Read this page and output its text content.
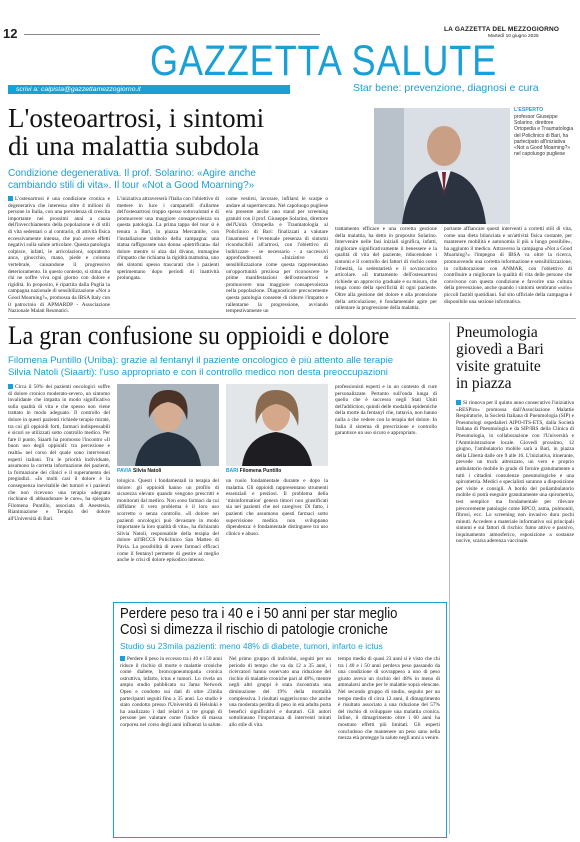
12	LA GAZZETTA DEL MEZZOGIORNO
Martedì 10 giugno 2025
GAZZETTA SALUTE
scrivi a: calpista@gazzettamezzogiorno.it	Star bene: prevenzione, diagnosi e cura
L'osteoartrosi, i sintomi
di una malattia subdola
Condizione degenerativa. Il prof. Solarino: «Agire anche
cambiando stili di vita». Il tour «Not a Good Moarning?»
L'ESPERTO
professor Giuseppe Solarino, direttore Ortopedia e Traumatologia del Policlinico di Bari, ha partecipato all'iniziativa «Not a Good Moarning?» nel capoluogo pugliese
L'osteoartrosi è una condizione cronica e degenerativa che interessa oltre 4 milioni di persone in Italia, con una prevalenza di crescita importante nei prossimi anni a causa dell'invecchiamento della popolazione e di stili di vita sedentari o al contrario, di attività fisica eccessivamente intensa, che può avere effetti negativi sulla salute articolare. Questa patologia colpisce, infatti, le articolazioni, soprattutto anca, ginocchio, mano, piede e colonna vertebrale, causandone il progressivo deterioramento. In questo contesto, si stima che chi ne soffre viva ogni giorno con dolore e rigidità. In proposito, è ripartita dalla Puglia la campagna nazionale di sensibilizzazione «Not a Good Moarning?», promossa da IBSA Italy con il patrocinio di APMARDP - Associazione Nazionale Malati Reumatici.
L'iniziativa attraverserà l'Italia con l'obiettivo di mettere in luce i campanelli d'allarme dell'osteoartrosi troppo spesso sottovalutati e di promuovere una maggiore consapevolezza su questa patologia. La prima tappa del tour si è tenuta a Bari, in piazza Mercantile, con l'installazione simbolo della campagna: una statua raffigurante una donna «pietrificata» dal dolore mentre si alza dal divano, immagine d'impatto che richiama la rigidità mattutina, uno dei sintomi spesso trascurati che i pazienti sperimentano dopo periodi di inattività prolungata.
come vestirsi, lavorare, infilarsi le scarpe o andare al supermercato. Nel capoluogo pugliese era presente anche uno stand per screening gratuiti con il prof. Giuseppe Solarino, direttore dell'Unità Ortopedia e Traumatologia al Policlinico di Bari: finalizzati a valutare l'anamnesi e l'eventuale presenza di sintomi riconducibili all'artrosi, con l'obiettivo di indirizzare - se necessario - a successivi approfondimenti. «Iniziative di sensibilizzazione come questa rappresentano un'opportunità preziosa per riconoscere le prime manifestazioni dell'osteoartrosi e promuovere una maggiore consapevolezza nella popolazione. Diagnosticare precocemente questa patologia consente di ridurre l'impatto e rallentarne la progressione, avviando tempestivamente un
trattamento efficace e una corretta gestione della malattia, ha detto in proposito Solarino. Intervenire nelle fasi iniziali significa, infatti, migliorare significativamente il benessere e la qualità di vita del paziente, riducendone i sintomi e il controllo dei fattori di rischio come l'obesità, la sedentarietà e il sovraccarico articolare. «Il trattamento dell'osteoartrosi richiede un approccio graduale e su misura, che tenga conto della specificità di ogni paziente. Oltre alla gestione del dolore e alla protezione della articolazione, è fondamentale agire per rallentare la progressione della malattia.
portante affiancare questi interventi a corretti stili di vita, come una dieta bilanciata e un'attività fisica costante, per mantenere mobilità e autonomia il più a lungo possibile», ha aggiunto il medico. Attraverso la campagna «Not a Good Moarning?» l'impegno di IBSA va oltre la ricerca, promuovendo una corretta informazione e sensibilizzazione, in collaborazione con ANMAR, con l'obiettivo di contribuire a migliorare la qualità di vita delle persone che convivono con questa condizione e favorire una cultura della prevenzione, anche quando i sintomi sembrano «solo» piccoli fastidi quotidiani. Sul sito ufficiale della campagna è disponibile una sezione informativa.
La gran confusione su oppioidi e dolore
Filomena Puntillo (Uniba): grazie al fentanyl il paziente oncologico è più attento alle terapie
Silvia Natoli (Siaarti): l'uso appropriato e con il controllo medico non desta preoccupazioni
Circa il 50% dei pazienti oncologici soffre di dolore cronico moderato-severo, un sintomo invalidante che impatta in modo significativo sulla qualità di vita e che spesso non viene trattato in modo adeguato. Il controllo del dolore in questi pazienti richiede terapie mirate, tra cui gli oppioidi forti, farmaci indispensabili e sicuri se utilizzati sotto controllo medico. Per fare il punto, Siaarti ha promosso l'incontro «Il buon uso degli oppioidi: tra percezione e realtà» nel corso del quale sono intervenuti esperti italiani. Tra le priorità individuate, assumono la corretta informazione dei pazienti, la formazione dei clinici e il superamento dei pregiudizi. «In molti casi il dolore è la conseguenza inevitabile dei tumori e i pazienti che non ricevono una terapia adeguata rischiano di abbandonare le cure», ha spiegato Filomena Puntillo, associata di Anestesia, Rianimazione e Terapia del dolore all'Università di Bari.
PAVIA Silvia Natoli	BARI Filomena Puntillo
tologico. Questi i fondamentali in terapia del dolore: gli oppioidi hanno un profilo di sicurezza elevato quando vengono prescritti e monitorati dal medico. Non sono farmaci da cui diffidare: il vero problema è il loro uso scorretto o senza controllo. «Il dolore nei pazienti oncologici può devastare in modo importante la loro qualità di vita», ha dichiarato Silvia Natoli, responsabile della terapia del dolore all'IRCCS Policlinico San Matteo di Pavia. La possibilità di avere farmaci efficaci come il fentanyl permette di gestire al meglio anche le crisi di dolore episodico intenso.
un ruolo fondamentale durante e dopo la malattia. Gli oppioidi rappresentano strumenti essenziali e preziosi. Il problema della ‘misinformation' genera timori non giustificati sia nei pazienti che nei caregiver. Di fatto, i pazienti che assumono questi farmaci sotto supervisione medica non sviluppano dipendenza: è fondamentale distinguere tra uso clinico e abuso.
professionisti esperti e in un contesto di cure personalizzate. Pertanto sull'onda lunga di quello che è successo negli Stati Uniti dell'addiction, quindi delle modalità epidemiche della morte da fentanyl che, tuttavia, non hanno nulla a che vedere con la terapia del dolore. In Italia il sistema di prescrizione e controllo garantisce un uso sicuro e appropriato.
Pneumologia
giovedì a Bari
visite gratuite
in piazza
Si rinnova per il quinto anno consecutivo l'iniziativa «RESPiro» promossa dall'Associazione Malattie Respiratorie, la Società Italiana di Pneumologia (SIP) e Pneumologi ospedalieri AIPO-ITS-ETS, dalla Società Italiana di Pneumologia e da SIP/IRS della Clinica di Pneumologia, in collaborazione con l'Università e l'Amministrazione locale. Giovedì prossimo, 12 giugno, l'ambulatorio mobile sarà a Bari, in piazza della Libertà dalle ore 9 alle 16. L'iniziativa, itinerante, prevede un truck attrezzato, un vero e proprio ambulatorio mobile in grado di fornire gratuitamente a tutti i cittadini consulenze pneumologiche e una spirometria. Medici e specialisti saranno a disposizione per visite e consigli. A bordo del poliambulatorio mobile si potrà eseguire gratuitamente una spirometria, test semplice ma fondamentale per rilevare precocemente patologie come BPCO, asma, polmoniti, fibrosi, ecc. Lo screening non invasivo dura pochi minuti. Accedere a materiale informativo sui principali sintomi e sui fattori di rischio: fumo attivo e passivo, inquinamento atmosferico, esposizione a sostanze nocive, scarsa aderenza vaccinale.
Perdere peso tra i 40 e i 50 anni per star meglio
Così si dimezza il rischio di patologie croniche
Studio su 23mila pazienti: meno 48% di diabete, tumori, infarto e ictus
Perdere il peso in eccesso tra i 40 e i 50 anni riduce il rischio di morte e malattie croniche come diabete, broncopneumopatia cronica ostruttiva, infarto, ictus e tumori. Lo rivela un ampio studio pubblicato su Jama Network Open e condotto sui dati di oltre 23mila partecipanti seguiti fino a 35 anni. Lo studio è stato condotto presso l'Università di Helsinki e ha analizzato i dati relativi a tre gruppi di persone per valutare come l'indice di massa corporea nel corso degli anni influenzi la salute.
Nel primo gruppo di individui, seguiti per un periodo di tempo che va da 12 a 35 anni, i ricercatori hanno osservato una riduzione del rischio di malattie croniche pari al 48%, mentre negli altri gruppi è stata riscontrata una diminuzione del 19% della mortalità complessiva. I risultati suggeriscono che anche una moderata perdita di peso in età adulta porta benefici significativi e duraturi. Gli autori sottolineano l'importanza di interventi mirati allo stile di vita.
tempo medio di quasi 23 anni si è visto che chi tra i 40 e i 50 anni perdeva peso passando da una condizione di sovrappeso a uno di peso giusto aveva un rischio del 48% in meno di ammalarsi anche per le malattie sopra elencate. Nel secondo gruppo di studio, seguito per un tempo medio di circa 12 anni, il dimagrimento è risultato associato a una riduzione del 57% del rischio di sviluppare una malattia cronica. Infine, il dimagrimento oltre i 60 anni ha mostrato effetti più limitati. Gli esperti concludono che mantenere un peso sano nella mezza età protegge la salute negli anni a venire.
